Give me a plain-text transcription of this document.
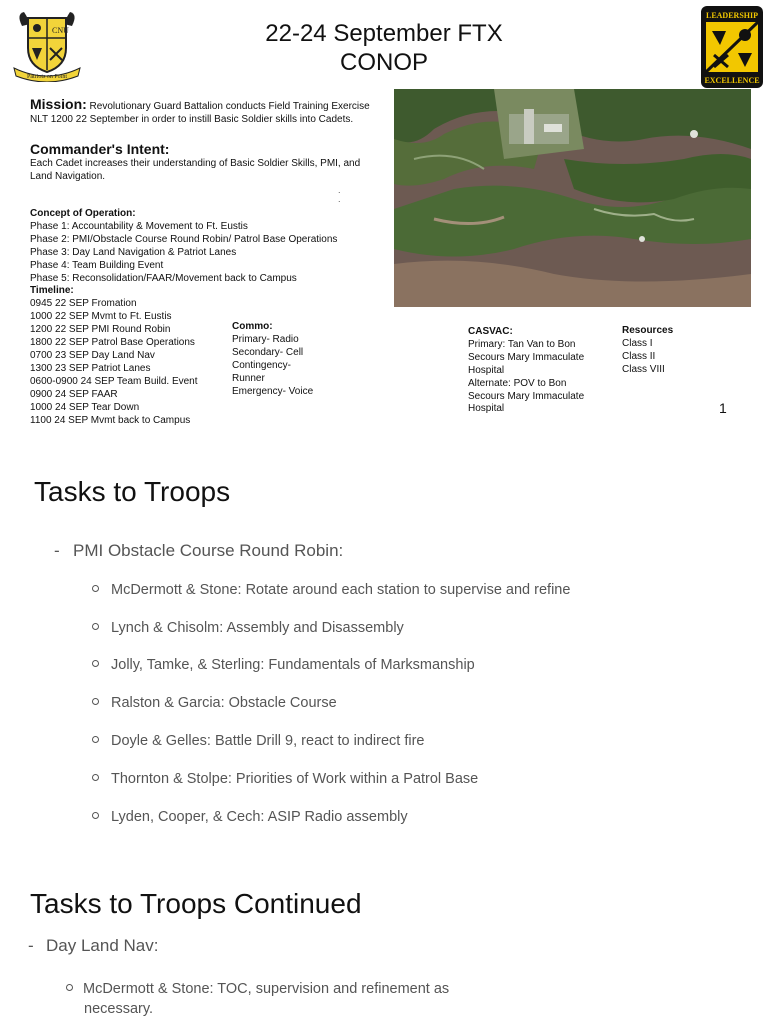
22-24 September FTX
CONOP
CNU
Patriots on Point
LEADERSHIP
EXCELLENCE
Mission: Revolutionary Guard Battalion conducts Field Training Exercise NLT 1200 22 September in order to instill Basic Soldier skills into Cadets.
Commander's Intent:
Each Cadet increases their understanding of Basic Soldier Skills, PMI, and Land Navigation.
.
.
Concept of Operation:
Phase 1: Accountability & Movement to Ft. Eustis
Phase 2: PMI/Obstacle Course Round Robin/ Patrol Base Operations
Phase 3: Day Land Navigation & Patriot Lanes
Phase 4: Team Building Event
Phase 5: Reconsolidation/FAAR/Movement back to Campus
Timeline:
0945 22 SEP Fromation
1000 22 SEP Mvmt to Ft. Eustis
1200 22 SEP PMI Round Robin
1800 22 SEP Patrol Base Operations
0700 23 SEP Day Land Nav
1300 23 SEP Patriot Lanes
0600-0900 24 SEP Team Build. Event
0900 24 SEP FAAR
1000 24 SEP Tear Down
1100 24 SEP Mvmt back to Campus
Commo:
Primary- Radio
Secondary- Cell
Contingency-
Runner
Emergency- Voice
CASVAC:
Primary: Tan Van to Bon
Secours Mary Immaculate
Hospital
Alternate: POV to Bon
Secours Mary Immaculate
Hospital
Resources
Class I
Class II
Class VIII
1
Tasks to Troops
- PMI Obstacle Course Round Robin:
McDermott & Stone: Rotate around each station to supervise and refine
Lynch & Chisolm: Assembly and Disassembly
Jolly, Tamke, & Sterling: Fundamentals of Marksmanship
Ralston & Garcia: Obstacle Course
Doyle & Gelles: Battle Drill 9, react to indirect fire
Thornton & Stolpe: Priorities of Work within a Patrol Base
Lyden, Cooper, & Cech: ASIP Radio assembly
Tasks to Troops Continued
- Day Land Nav:
McDermott & Stone: TOC, supervision and refinement as
necessary.
